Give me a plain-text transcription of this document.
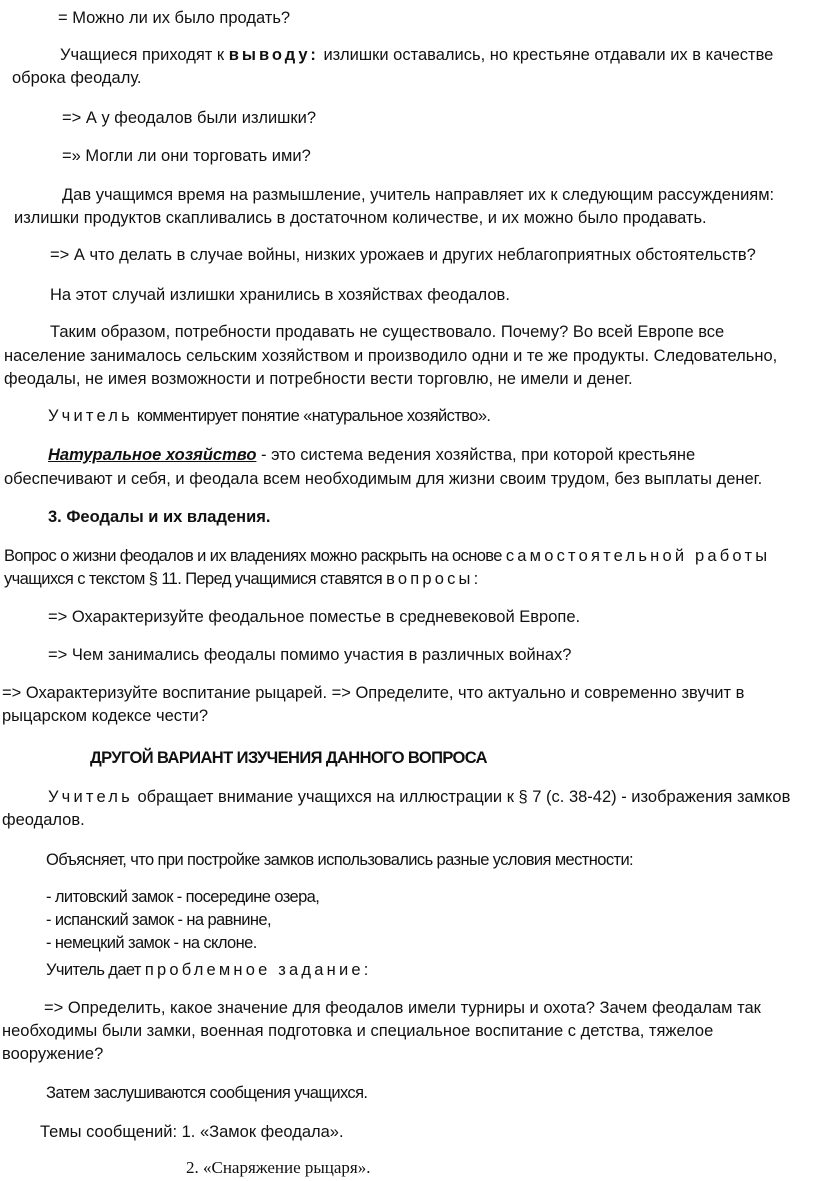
= Можно ли их было продать?
Учащиеся приходят к выводу: излишки оставались, но крестьяне отдавали их в качестве
оброка феодалу.
=> А у феодалов были излишки?
=» Могли ли они торговать ими?
Дав учащимся время на размышление, учитель направляет их к следующим рассуждениям:
излишки продуктов скапливались в достаточном количестве, и их можно было продавать.
=> А что делать в случае войны, низких урожаев и других неблагоприятных обстоятельств?
На этот случай излишки хранились в хозяйствах феодалов.
Таким образом, потребности продавать не существовало. Почему? Во всей Европе все
население занималось сельским хозяйством и производило одни и те же продукты. Следовательно,
феодалы, не имея возможности и потребности вести торговлю, не имели и денег.
Учитель комментирует понятие «натуральное хозяйство».
Натуральное хозяйство - это система ведения хозяйства, при которой крестьяне
обеспечивают и себя, и феодала всем необходимым для жизни своим трудом, без выплаты денег.
3. Феодалы и их владения.
Вопрос о жизни феодалов и их владениях можно раскрыть на основе самостоятельной работы
учащихся с текстом § 11. Перед учащимися ставятся вопросы:
=> Охарактеризуйте феодальное поместье в средневековой Европе.
=> Чем занимались феодалы помимо участия в различных войнах?
=> Охарактеризуйте воспитание рыцарей. => Определите, что актуально и современно звучит в
рыцарском кодексе чести?
ДРУГОЙ ВАРИАНТ ИЗУЧЕНИЯ ДАННОГО ВОПРОСА
Учитель обращает внимание учащихся на иллюстрации к § 7 (с. 38-42) - изображения замков
феодалов.
Объясняет, что при постройке замков использовались разные условия местности:
- литовский замок - посередине озера,
- испанский замок - на равнине,
- немецкий замок - на склоне.
Учитель дает проблемное задание:
=> Определить, какое значение для феодалов имели турниры и охота? Зачем феодалам так
необходимы были замки, военная подготовка и специальное воспитание с детства, тяжелое
вооружение?
Затем заслушиваются сообщения учащихся.
Темы сообщений: 1. «Замок феодала».
2. «Снаряжение рыцаря».
